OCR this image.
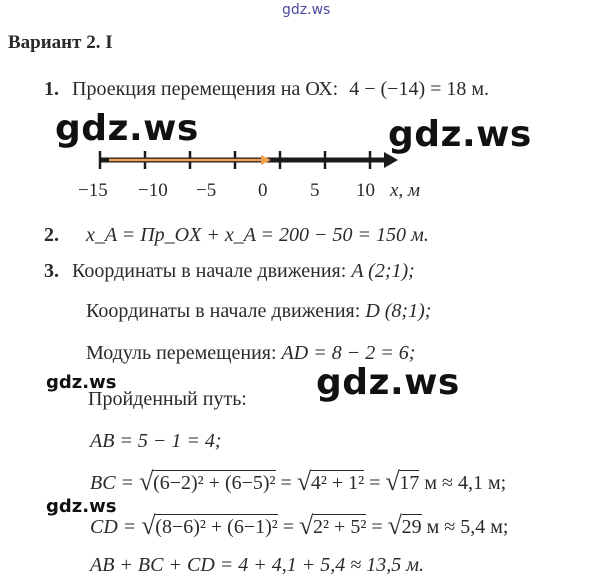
gdz.ws
gdz.ws	gdz.ws
gdz.ws
gdz.ws
gdz.ws
Вариант 2. I
1. Проекция перемещения на ОХ: 4 − (−14) = 18 м.
−15 −10 −5 0 5 10 x, м
2. x_A = Пр_OX + x_A = 200 − 50 = 150 м.
3. Координаты в начале движения: A (2;1);
Координаты в начале движения: D (8;1);
Модуль перемещения: AD = 8 − 2 = 6;
Пройденный путь:
AB = 5 − 1 = 4;
BC = √ (6−2)² + (6−5)² = √ 4² + 1² = √ 17 м ≈ 4,1 м;
CD = √ (8−6)² + (6−1)² = √ 2² + 5² = √ 29 м ≈ 5,4 м;
AB + BC + CD = 4 + 4,1 + 5,4 ≈ 13,5 м.
